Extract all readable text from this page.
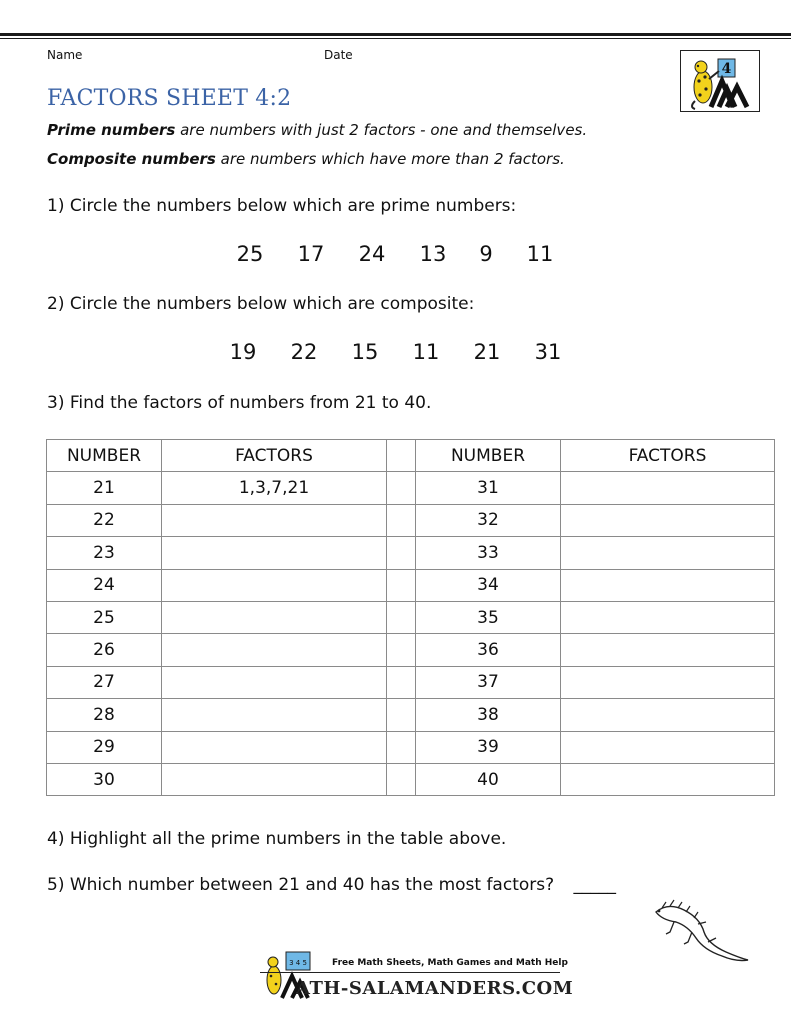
Name	Date
4
FACTORS SHEET 4:2
Prime numbers are numbers with just 2 factors - one and themselves.
Composite numbers are numbers which have more than 2 factors.

1) Circle the numbers below which are prime numbers:

25	17	24	13	9	11

2) Circle the numbers below which are composite:

19	22	15	11	21	31

3) Find the factors of numbers from 21 to 40.

NUMBER	FACTORS		NUMBER	FACTORS
21	1,3,7,21		31	
22			32	
23			33	
24			34	
25			35	
26			36	
27			37	
28			38	
29			39	
30			40	

4) Highlight all the prime numbers in the table above.

5) Which number between 21 and 40 has the most factors? _____

3 4 5	Free Math Sheets, Math Games and Math Help
ATH-SALAMANDERS.COM
